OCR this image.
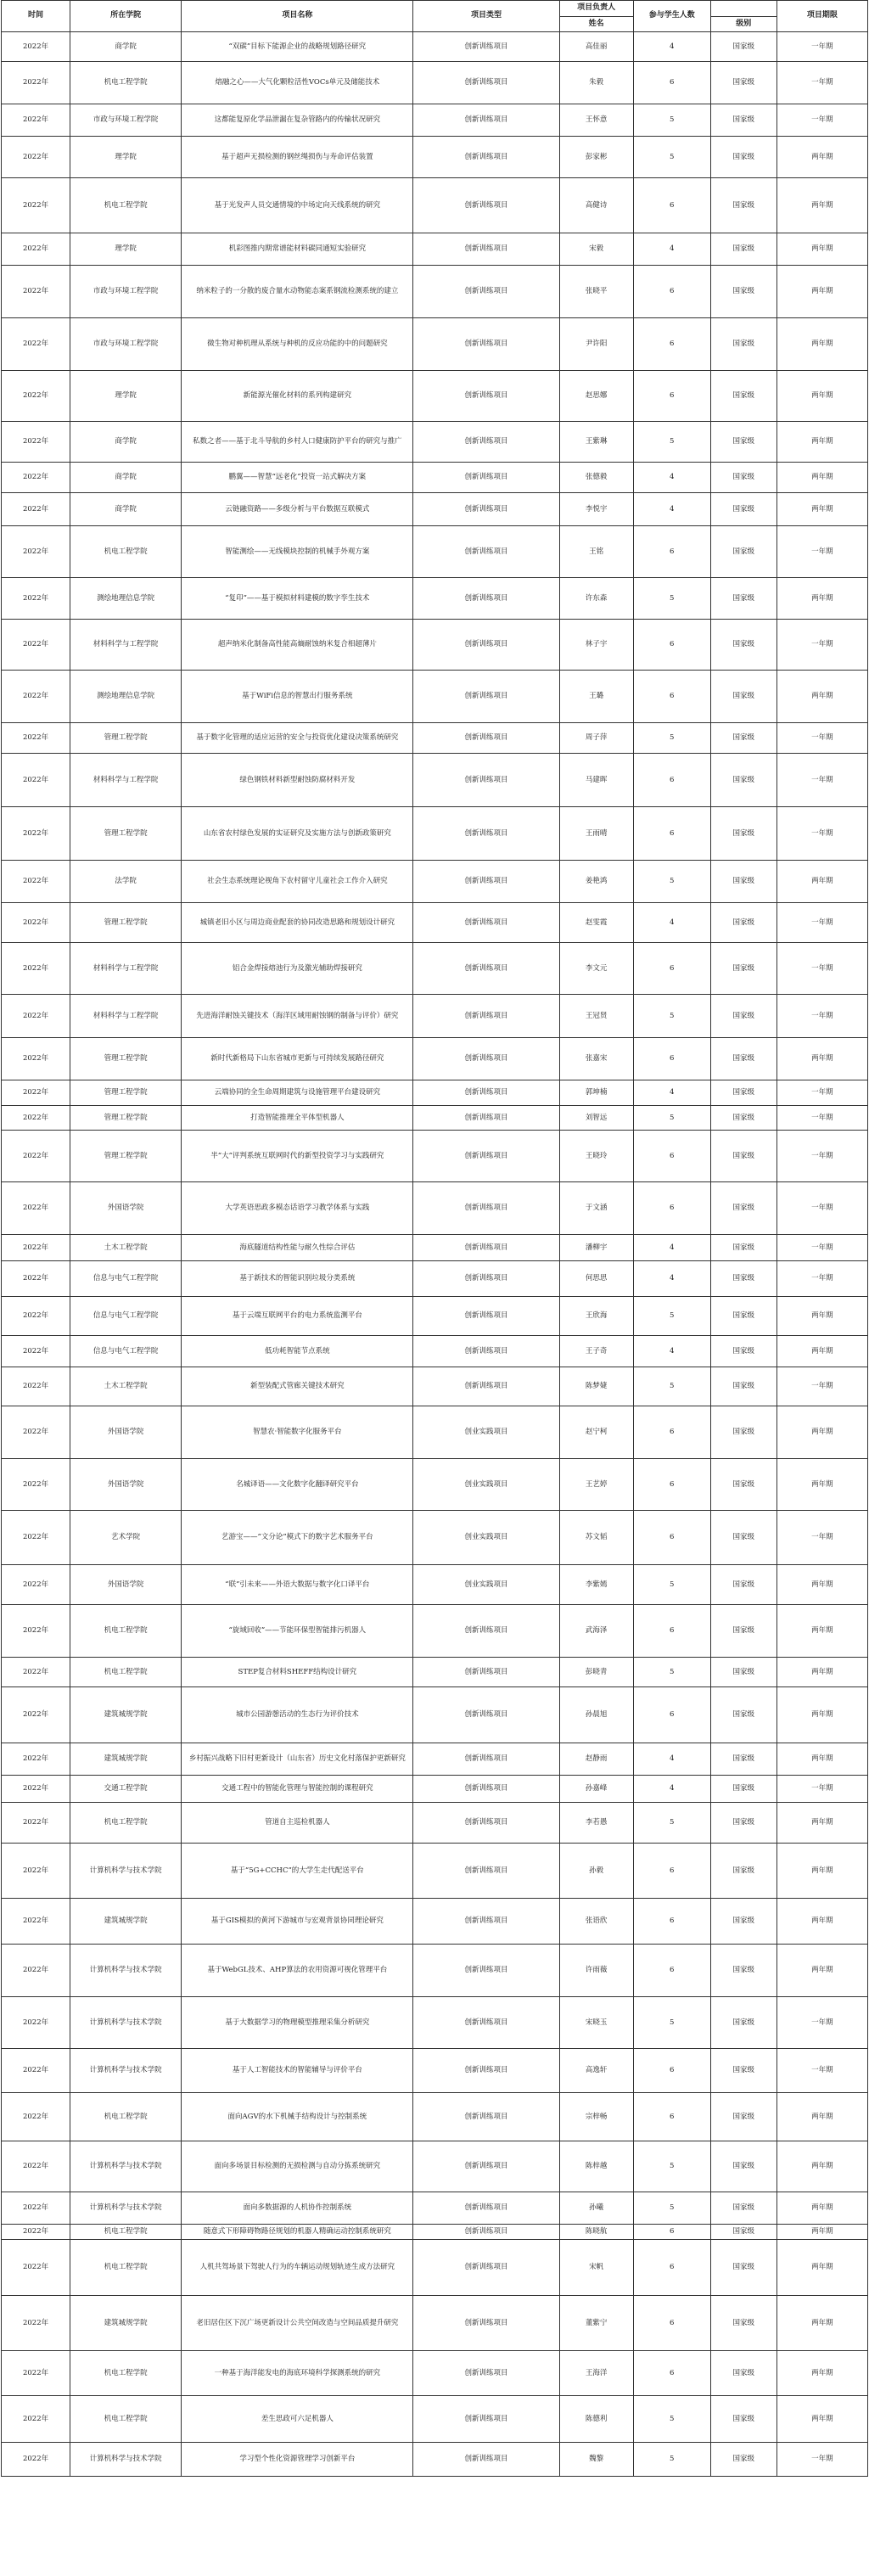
时间	所在学院	项目名称	项目类型	项目负责人	参与学生人数		项目期限
				姓名		级别	
2022年	商学院	“双碳”目标下能源企业的战略规划路径研究	创新训练项目	高佳丽	4	国家级	一年期
2022年	机电工程学院	熔融之心——大气化颗粒活性VOCs单元及储能技术	创新训练项目	朱毅	6	国家级	一年期
2022年	市政与环境工程学院	这都能复原化学品泄漏在复杂管路内的传输状况研究	创新训练项目	王怀意	5	国家级	一年期
2022年	理学院	基于超声无损检测的钢丝绳损伤与寿命评估装置	创新训练项目	彭家彬	5	国家级	两年期
2022年	机电工程学院	基于光发声人员交通情境的中场定向天线系统的研究	创新训练项目	高健诗	6	国家级	两年期
2022年	理学院	机彩图推内期常谱能材料碳同通短实验研究	创新训练项目	宋毅	4	国家级	两年期
2022年	市政与环境工程学院	纳米粒子的一分散的废合量水动物能态案系钢流检测系统的建立	创新训练项目	张晓平	6	国家级	两年期
2022年	市政与环境工程学院	微生物对种机理从系统与种机的反应功能的中的问题研究	创新训练项目	尹许阳	6	国家级	两年期
2022年	理学院	新能源光催化材料的系列构建研究	创新训练项目	赵思娜	6	国家级	两年期
2022年	商学院	私数之者——基于北斗导航的乡村人口健康防护平台的研究与推广	创新训练项目	王紫琳	5	国家级	两年期
2022年	商学院	鹏翼——智慧“远老化”投资一站式解决方案	创新训练项目	张德毅	4	国家级	两年期
2022年	商学院	云链融资路——多级分析与平台数据互联模式	创新训练项目	李悦宇	4	国家级	两年期
2022年	机电工程学院	智能测绘——无线模块控制的机械手外观方案	创新训练项目	王铭	6	国家级	一年期
2022年	测绘地理信息学院	“复印”——基于模拟材料建模的数字孪生技术	创新训练项目	许东森	5	国家级	两年期
2022年	材料科学与工程学院	超声纳米化制备高性能高熵耐蚀纳米复合相超薄片	创新训练项目	林子宇	6	国家级	一年期
2022年	测绘地理信息学院	基于WiFi信息的智慧出行服务系统	创新训练项目	王璐	6	国家级	两年期
2022年	管理工程学院	基于数字化管理的适应运营的安全与投资优化建设决策系统研究	创新训练项目	周子萍	5	国家级	一年期
2022年	材料科学与工程学院	绿色钢铁材料新型耐蚀防腐材料开发	创新训练项目	马建晖	6	国家级	一年期
2022年	管理工程学院	山东省农村绿色发展的实证研究及实施方法与创新政策研究	创新训练项目	王雨晴	6	国家级	一年期
2022年	法学院	社会生态系统理论视角下农村留守儿童社会工作介入研究	创新训练项目	姜艳鸿	5	国家级	两年期
2022年	管理工程学院	城镇老旧小区与周边商业配套的协同改造思路和规划设计研究	创新训练项目	赵雯霞	4	国家级	一年期
2022年	材料科学与工程学院	铝合金焊接熔池行为及激光辅助焊接研究	创新训练项目	李文元	6	国家级	一年期
2022年	材料科学与工程学院	先进海洋耐蚀关键技术（海洋区域用耐蚀钢的制备与评价）研究	创新训练项目	王冠贤	5	国家级	一年期
2022年	管理工程学院	新时代新格局下山东省城市更新与可持续发展路径研究	创新训练项目	张嘉宋	6	国家级	两年期
2022年	管理工程学院	云端协同的全生命周期建筑与设施管理平台建设研究	创新训练项目	郭坤楠	4	国家级	一年期
2022年	管理工程学院	打造智能推理全平体型机器人	创新训练项目	刘智远	5	国家级	一年期
2022年	管理工程学院	半“大”评判系统互联网时代的新型投资学习与实践研究	创新训练项目	王晓玲	6	国家级	一年期
2022年	外国语学院	大学英语思政多模态话语学习教学体系与实践	创新训练项目	于文涵	6	国家级	一年期
2022年	土木工程学院	海底隧道结构性能与耐久性综合评估	创新训练项目	潘柳宇	4	国家级	一年期
2022年	信息与电气工程学院	基于新技术的智能识别垃圾分类系统	创新训练项目	何思思	4	国家级	一年期
2022年	信息与电气工程学院	基于云端互联网平台的电力系统监测平台	创新训练项目	王欣海	5	国家级	两年期
2022年	信息与电气工程学院	低功耗智能节点系统	创新训练项目	王子奇	4	国家级	两年期
2022年	土木工程学院	新型装配式管廊关键技术研究	创新训练项目	陈梦婕	5	国家级	一年期
2022年	外国语学院	智慧农·智能数字化服务平台	创业实践项目	赵宁柯	6	国家级	两年期
2022年	外国语学院	名城译语——文化数字化翻译研究平台	创业实践项目	王艺婷	6	国家级	两年期
2022年	艺术学院	艺游宝——“文分论”模式下的数字艺术服务平台	创业实践项目	苏文韬	6	国家级	一年期
2022年	外国语学院	“联”引未来——外语大数据与数字化口译平台	创业实践项目	李紫嫣	5	国家级	两年期
2022年	机电工程学院	“旋域回收”——节能环保型智能排污机器人	创新训练项目	武海泽	6	国家级	两年期
2022年	机电工程学院	STEP复合材料SHEFF结构设计研究	创新训练项目	彭晓青	5	国家级	两年期
2022年	建筑城规学院	城市公园游憩活动的生态行为评价技术	创新训练项目	孙晨旭	6	国家级	两年期
2022年	建筑城规学院	乡村振兴战略下旧村更新设计（山东省）历史文化村落保护更新研究	创新训练项目	赵静雨	4	国家级	两年期
2022年	交通工程学院	交通工程中的智能化管理与智能控制的课程研究	创新训练项目	孙嘉峰	4	国家级	一年期
2022年	机电工程学院	管道自主巡检机器人	创新训练项目	李若愚	5	国家级	两年期
2022年	计算机科学与技术学院	基于“5G+CCHC”的大学生走代配送平台	创新训练项目	孙毅	6	国家级	两年期
2022年	建筑城规学院	基于GIS模拟的黄河下游城市与宏观背景协同理论研究	创新训练项目	张语欣	6	国家级	两年期
2022年	计算机科学与技术学院	基于WebGL技术、AHP算法的农用资源可视化管理平台	创新训练项目	许雨薇	6	国家级	两年期
2022年	计算机科学与技术学院	基于大数据学习的物理模型推理采集分析研究	创新训练项目	宋晓玉	5	国家级	一年期
2022年	计算机科学与技术学院	基于人工智能技术的智能辅导与评价平台	创新训练项目	高逸轩	6	国家级	一年期
2022年	机电工程学院	面向AGV的水下机械手结构设计与控制系统	创新训练项目	宗梓畅	6	国家级	两年期
2022年	计算机科学与技术学院	面向多场景目标检测的无损检测与自动分拣系统研究	创新训练项目	陈梓越	5	国家级	两年期
2022年	计算机科学与技术学院	面向多数据源的人机协作控制系统	创新训练项目	孙曦	5	国家级	两年期
2022年	机电工程学院	随意式下形障碍物路径规划的机器人精确运动控制系统研究	创新训练项目	陈晓航	6	国家级	两年期
2022年	机电工程学院	人机共驾场景下驾驶人行为的车辆运动规划轨迹生成方法研究	创新训练项目	宋帆	6	国家级	两年期
2022年	建筑城规学院	老旧居住区下沉广场更新设计公共空间改造与空间品质提升研究	创新训练项目	董紫宁	6	国家级	两年期
2022年	机电工程学院	一种基于海洋能发电的海底环境科学探测系统的研究	创新训练项目	王海洋	6	国家级	两年期
2022年	机电工程学院	差生思政可六足机器人	创新训练项目	陈德利	5	国家级	两年期
2022年	计算机科学与技术学院	学习型个性化资源管理学习创新平台	创新训练项目	魏黎	5	国家级	一年期
